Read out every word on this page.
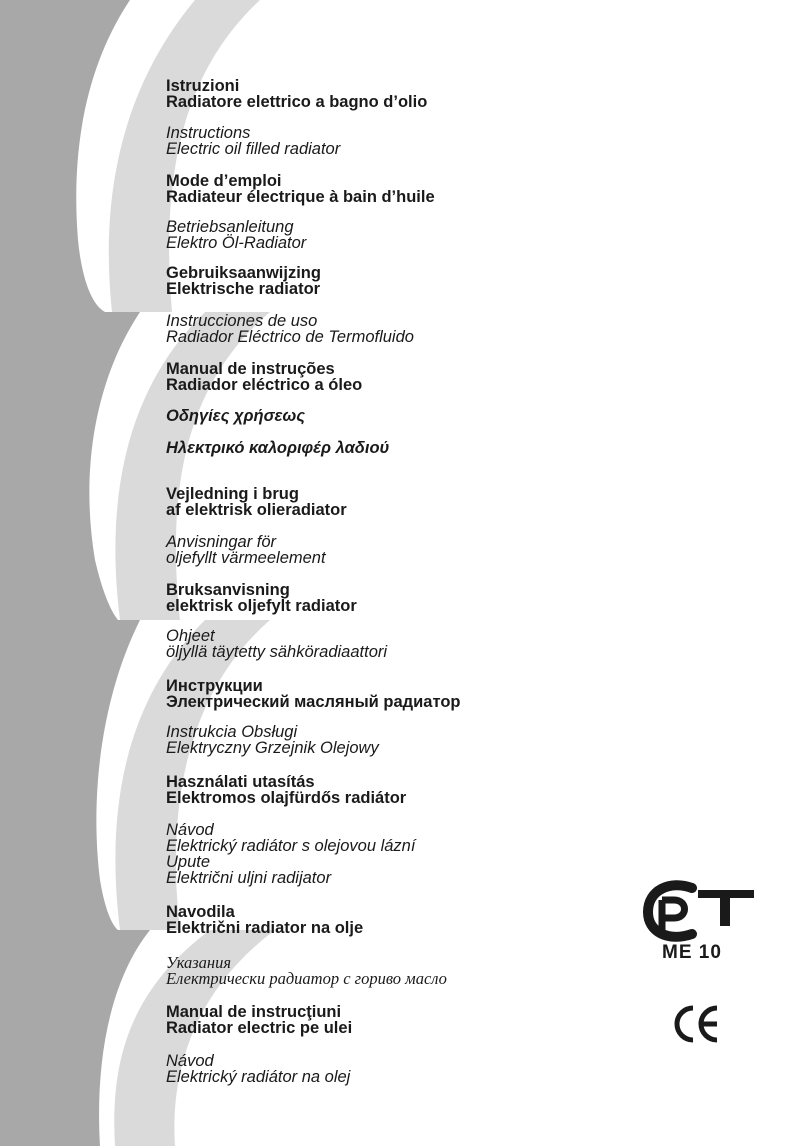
Istruzioni
Radiatore elettrico a bagno d’olio
Instructions
Electric oil filled radiator
Mode d’emploi
Radiateur électrique à bain d’huile
Betriebsanleitung
Elektro Öl-Radiator
Gebruiksaanwijzing
Elektrische radiator
Instrucciones de uso
Radiador Eléctrico de Termofluido
Manual de instruções
Radiador eléctrico a óleo
Οδηγίες χρήσεως
Ηλεκτρικό καλοριφέρ λαδιού
Vejledning i brug
af elektrisk olieradiator
Anvisningar för
oljefyllt värmeelement
Bruksanvisning
elektrisk oljefylt radiator
Ohjeet
öljyllä täytetty sähköradiaattori
Инструкции
Электрический масляный радиатор
Instrukcia Obsługi
Elektryczny Grzejnik Olejowy
Használati utasítás
Elektromos olajfürdős radiátor
Návod
Elektrický radiátor s olejovou lázní
Upute
Električni uljni radijator
Navodila
Električni radiator na olje
Указания
Електрически радиатор с гориво масло
Manual de instrucţiuni
Radiator electric pe ulei
Návod
Elektrický radiátor na olej
ME 10
